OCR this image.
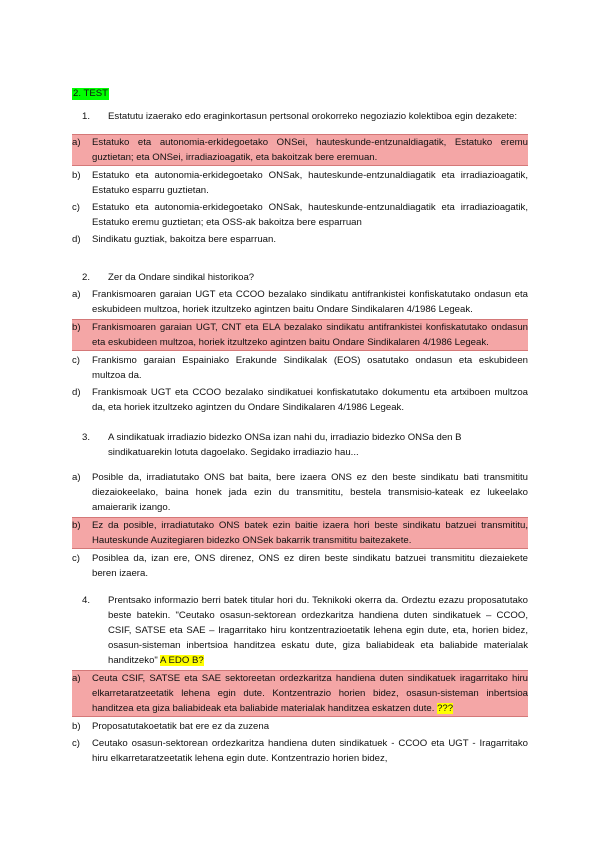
2. TEST
1.	Estatutu izaerako edo eraginkortasun pertsonal orokorreko negoziazio kolektiboa egin dezakete:
a)	Estatuko eta autonomia-erkidegoetako ONSei, hauteskunde-entzunaldiagatik, Estatuko eremu guztietan; eta ONSei, irradiazioagatik, eta bakoitzak bere eremuan.
b)	Estatuko eta autonomia-erkidegoetako ONSak, hauteskunde-entzunaldiagatik eta irradiazioagatik, Estatuko esparru guztietan.
c)	Estatuko eta autonomia-erkidegoetako ONSak, hauteskunde-entzunaldiagatik eta irradiazioagatik, Estatuko eremu guztietan; eta OSS-ak bakoitza bere esparruan
d)	Sindikatu guztiak, bakoitza bere esparruan.
2.	Zer da Ondare sindikal historikoa?
a)	Frankismoaren garaian UGT eta CCOO bezalako sindikatu antifrankistei konfiskatutako ondasun eta eskubideen multzoa, horiek itzultzeko agintzen baitu Ondare Sindikalaren 4/1986 Legeak.
b)	Frankismoaren garaian UGT, CNT eta ELA bezalako sindikatu antifrankistei konfiskatutako ondasun eta eskubideen multzoa, horiek itzultzeko agintzen baitu Ondare Sindikalaren 4/1986 Legeak.
c)	Frankismo garaian Espainiako Erakunde Sindikalak (EOS) osatutako ondasun eta eskubideen multzoa da.
d)	Frankismoak UGT eta CCOO bezalako sindikatuei konfiskatutako dokumentu eta artxiboen multzoa da, eta horiek itzultzeko agintzen du Ondare Sindikalaren 4/1986 Legeak.
3.	A sindikatuak irradiazio bidezko ONSa izan nahi du, irradiazio bidezko ONSa den B sindikatuarekin lotuta dagoelako. Segidako irradiazio hau...
a)	Posible da, irradiatutako ONS bat baita, bere izaera ONS ez den beste sindikatu bati transmititu diezaiokeelako, baina honek jada ezin du transmititu, bestela transmisio-kateak ez lukeelako amaierarik izango.
b)	Ez da posible, irradiatutako ONS batek ezin baitie izaera hori beste sindikatu batzuei transmititu, Hauteskunde Auzitegiaren bidezko ONSek bakarrik transmititu baitezakete.
c)	Posiblea da, izan ere, ONS direnez, ONS ez diren beste sindikatu batzuei transmititu diezaiekete beren izaera.
4.	Prentsako informazio berri batek titular hori du. Teknikoki okerra da. Ordeztu ezazu proposatutako beste batekin. "Ceutako osasun-sektorean ordezkaritza handiena duten sindikatuek – CCOO, CSIF, SATSE eta SAE – Iragarritako hiru kontzentrazioetatik lehena egin dute, eta, horien bidez, osasun-sisteman inbertsioa handitzea eskatu dute, giza baliabideak eta baliabide materialak handitzeko" A EDO B?
a)	Ceuta CSIF, SATSE eta SAE sektoreetan ordezkaritza handiena duten sindikatuek iragarritako hiru elkarretaratzeetatik lehena egin dute. Kontzentrazio horien bidez, osasun-sisteman inbertsioa handitzea eta giza baliabideak eta baliabide materialak handitzea eskatzen dute. ???
b)	Proposatutakoetatik bat ere ez da zuzena
c)	Ceutako osasun-sektorean ordezkaritza handiena duten sindikatuek - CCOO eta UGT - Iragarritako hiru elkarretaratzeetatik lehena egin dute. Kontzentrazio horien bidez,
